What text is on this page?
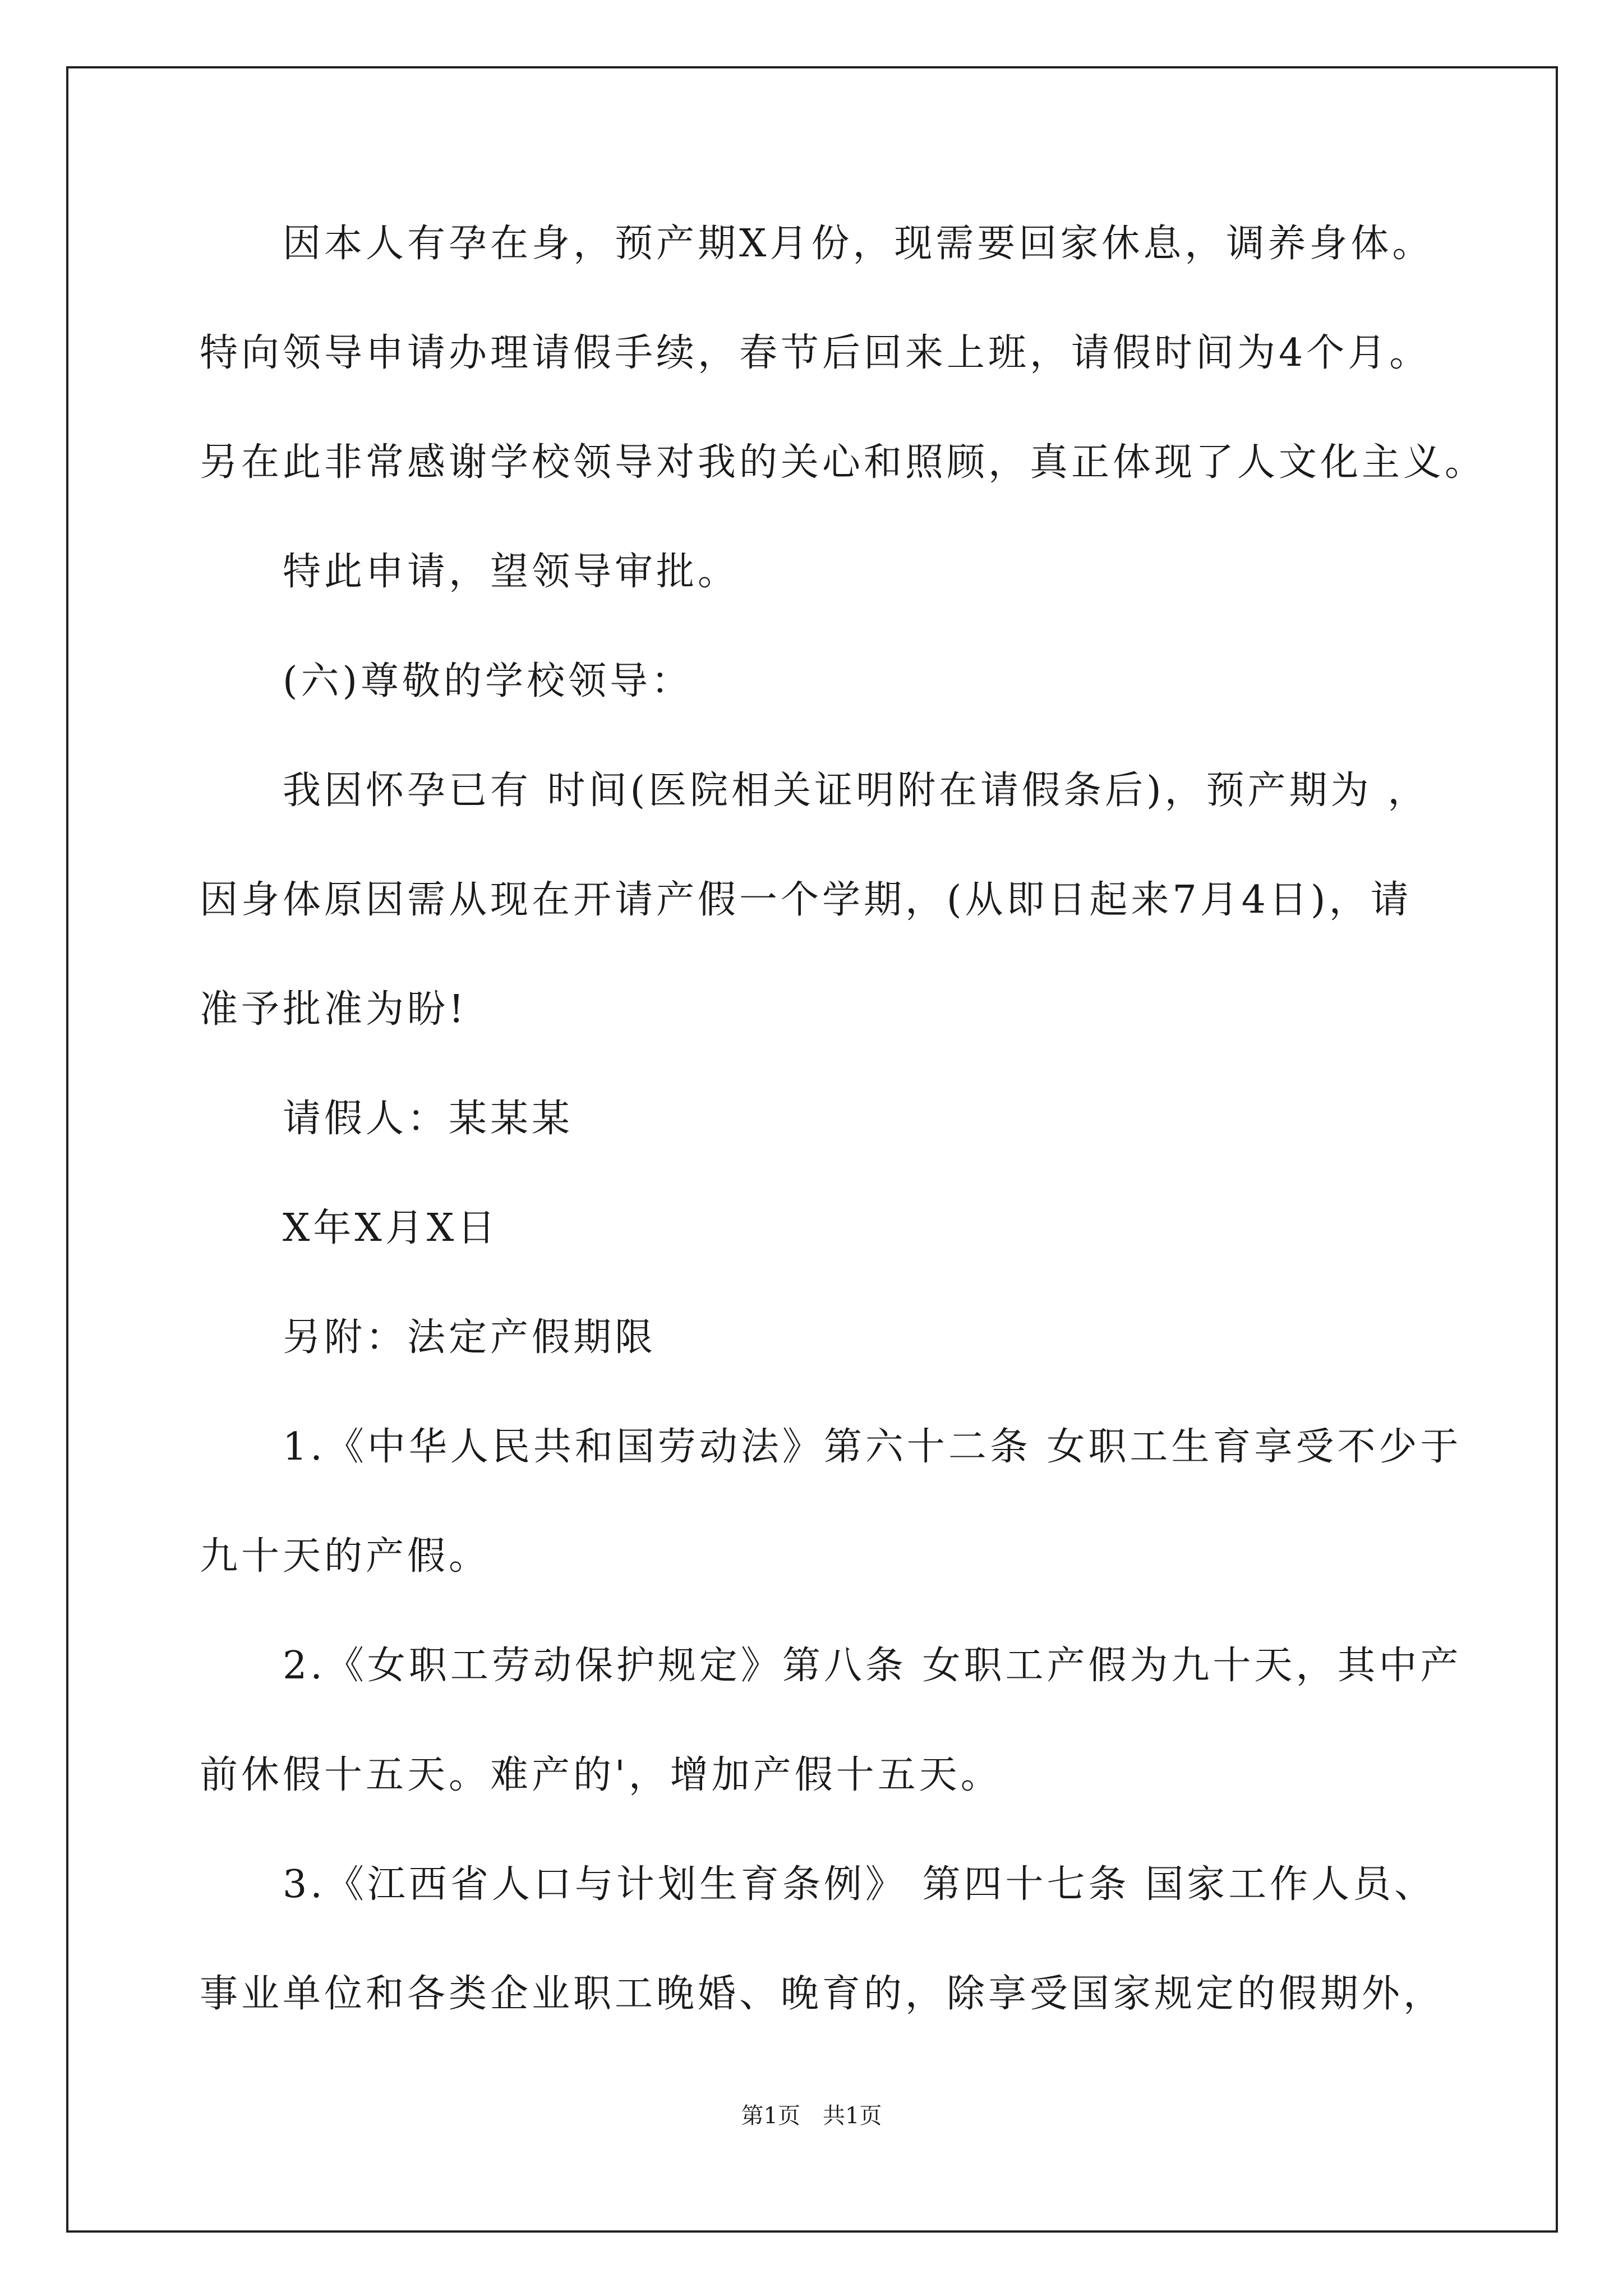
　　因本人有孕在身，预产期X月份，现需要回家休息，调养身体。
特向领导申请办理请假手续，春节后回来上班，请假时间为4个月。
另在此非常感谢学校领导对我的关心和照顾，真正体现了人文化主义。
　　特此申请，望领导审批。
　　(六)尊敬的学校领导：
　　我因怀孕已有 时间(医院相关证明附在请假条后)，预产期为 ，
因身体原因需从现在开请产假一个学期，(从即日起来7月4日)，请
准予批准为盼!
　　请假人：某某某
　　X年X月X日
　　另附：法定产假期限
　　1.《中华人民共和国劳动法》第六十二条 女职工生育享受不少于
九十天的产假。
　　2.《女职工劳动保护规定》第八条 女职工产假为九十天，其中产
前休假十五天。难产的'，增加产假十五天。
　　3.《江西省人口与计划生育条例》 第四十七条 国家工作人员、
事业单位和各类企业职工晚婚、晚育的，除享受国家规定的假期外，
第1页　共1页
